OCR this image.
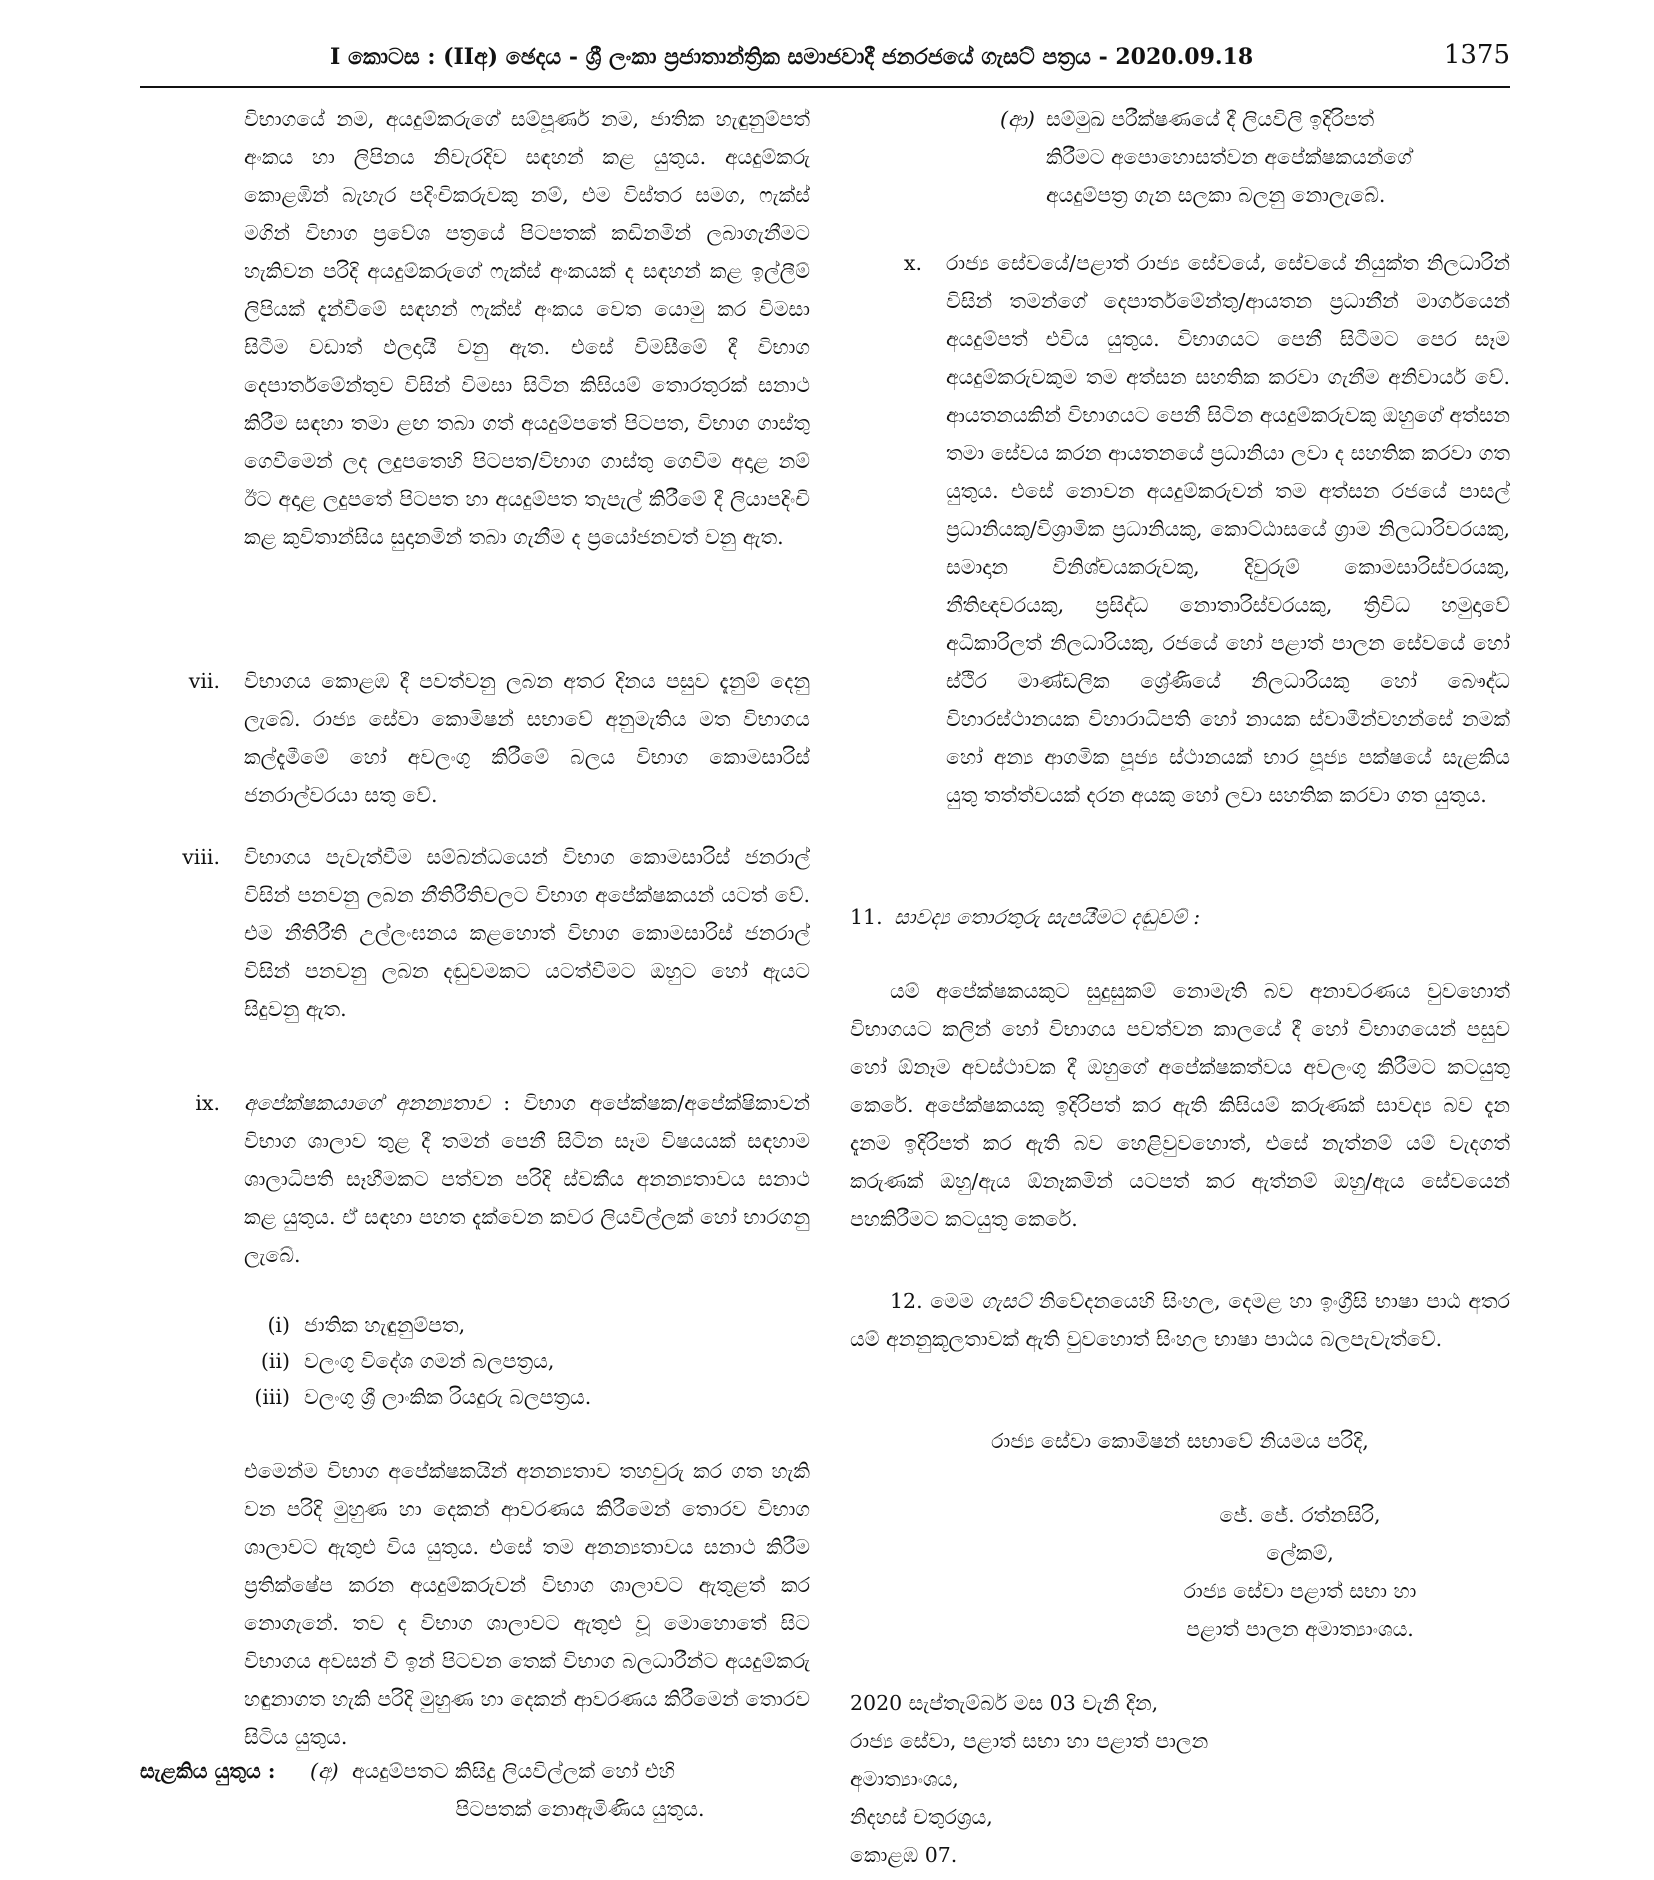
I කොටස : (IIඅ) ඡෙදය - ශ්‍රී ලංකා ප්‍රජාතාන්ත්‍රික සමාජවාදී ජනරජයේ ගැසට් පත්‍රය - 2020.09.18	1375

විභාගයේ නම, අයදුම්කරුගේ සම්පූර්ණ නම, ජාතික හැඳුනුම්පත් අංකය හා ලිපිනය නිවැරදිව සඳහන් කළ යුතුය. අයදුම්කරු කොළඹින් බැහැර පදිංචිකරුවකු නම්, එම විස්තර සමග, ෆැක්ස් මගින් විභාග ප්‍රවේශ පත්‍රයේ පිටපතක් කඩිනමින් ලබාගැනීමට හැකිවන පරිදි අයදුම්කරුගේ ෆැක්ස් අංකයක් ද සඳහන් කළ ඉල්ලීම් ලිපියක් දැන්වීමේ සඳහන් ෆැක්ස් අංකය වෙත යොමු කර විමසා සිටීම වඩාත් ඵලදායී වනු ඇත. එසේ විමසීමේ දී විභාග දෙපාර්තමේන්තුව විසින් විමසා සිටින කිසියම් තොරතුරක් සනාථ කිරීම සඳහා තමා ළඟ තබා ගත් අයදුම්පතේ පිටපත, විභාග ගාස්තු ගෙවීමෙන් ලද ලදුපතෙහි පිටපත/විභාග ගාස්තු ගෙවීම අදාළ නම් ඊට අදාළ ලදුපතේ පිටපත හා අයදුම්පත තැපැල් කිරීමේ දී ලියාපදිංචි කළ කුවිතාන්සිය සුදානමින් තබා ගැනීම ද ප්‍රයෝජනවත් වනු ඇත.

vii. විභාගය කොළඹ දී පවත්වනු ලබන අතර දිනය පසුව දැනුම් දෙනු ලැබේ. රාජ්‍ය සේවා කොමිෂන් සභාවේ අනුමැතිය මත විභාගය කල්දැමීමේ හෝ අවලංගු කිරීමේ බලය විභාග කොමසාරිස් ජනරාල්වරයා සතු වේ.

viii. විභාගය පැවැත්වීම සම්බන්ධයෙන් විභාග කොමසාරිස් ජනරාල් විසින් පනවනු ලබන නීතිරීතිවලට විභාග අපේක්ෂකයන් යටත් වේ. එම නීතිරීති උල්ලංඝනය කළහොත් විභාග කොමසාරිස් ජනරාල් විසින් පනවනු ලබන දඬුවමකට යටත්වීමට ඔහුට හෝ ඇයට සිදුවනු ඇත.

ix. අපේක්ෂකයාගේ අනන්‍යතාව : විභාග අපේක්ෂක/අපේක්ෂිකාවන් විභාග ශාලාව තුළ දී තමන් පෙනී සිටින සෑම විෂයයක් සඳහාම ශාලාධිපති සෑහීමකට පත්වන පරිදි ස්වකීය අනන්‍යතාවය සනාථ කළ යුතුය. ඒ සඳහා පහත දැක්වෙන කවර ලියවිල්ලක් හෝ භාරගනු ලැබේ.

(i) ජාතික හැඳුනුම්පත,
(ii) වලංගු විදේශ ගමන් බලපත්‍රය,
(iii) වලංගු ශ්‍රී ලාංකික රියදුරු බලපත්‍රය.

එමෙන්ම විභාග අපේක්ෂකයින් අනන්‍යතාව තහවුරු කර ගත හැකි වන පරිදි මුහුණ හා දෙකන් ආවරණය කිරීමෙන් තොරව විභාග ශාලාවට ඇතුළු විය යුතුය. එසේ තම අනන්‍යතාවය සනාථ කිරීම ප්‍රතික්ෂේප කරන අයදුම්කරුවන් විභාග ශාලාවට ඇතුළත් කර නොගැනේ. තව ද විභාග ශාලාවට ඇතුළු වූ මොහොතේ සිට විභාගය අවසන් වී ඉන් පිටවන තෙක් විභාග බලධාරීන්ට අයදුම්කරු හඳුනාගත හැකි පරිදි මුහුණ හා දෙකන් ආවරණය කිරීමෙන් තොරව සිටිය යුතුය.

සැළකිය යුතුය : (අ) අයදුම්පතට කිසිදු ලියවිල්ලක් හෝ එහි
පිටපතක් නොඇමිණිය යුතුය.
(ආ) සම්මුඛ පරීක්ෂණයේ දී ලියවිලි ඉදිරිපත්
කිරීමට අපොහොසත්වන අපේක්ෂකයන්ගේ
අයදුම්පත්‍ර ගැන සලකා බලනු නොලැබේ.
x. රාජ්‍ය සේවයේ/පළාත් රාජ්‍ය සේවයේ, සේවයේ නියුක්ත නිලධාරින් විසින් තමන්ගේ දෙපාර්තමේන්තු/ආයතන ප්‍රධානීන් මාර්ගයෙන් අයදුම්පත් එවිය යුතුය. විභාගයට පෙනී සිටීමට පෙර සෑම අයදුම්කරුවකුම තම අත්සන සහතික කරවා ගැනීම අනිවාර්ය වේ. ආයතනයකින් විභාගයට පෙනී සිටින අයදුම්කරුවකු ඔහුගේ අත්සන තමා සේවය කරන ආයතනයේ ප්‍රධානියා ලවා ද සහතික කරවා ගත යුතුය. එසේ නොවන අයදුම්කරුවන් තම අත්සන රජයේ පාසල් ප්‍රධානියකු/විශ්‍රාමික ප්‍රධානියකු, කොට්ඨාසයේ ග්‍රාම නිලධාරිවරයකු, සමාදාන විනිශ්චයකරුවකු, දිවුරුම් කොමසාරිස්වරයකු, නීතිඥවරයකු, ප්‍රසිද්ධ නොතාරිස්වරයකු, ත්‍රිවිධ හමුදාවේ අධිකාරිලත් නිලධාරියකු, රජයේ හෝ පළාත් පාලන සේවයේ හෝ ස්ථිර මාණ්ඩලික ශ්‍රේණියේ නිලධාරියකු හෝ බෞද්ධ විහාරස්ථානයක විහාරාධිපති හෝ නායක ස්වාමීන්වහන්සේ නමක් හෝ අන්‍ය ආගමික පූජ්‍ය ස්ථානයක් භාර පූජ්‍ය පක්ෂයේ සැළකිය යුතු තත්ත්වයක් දරන අයකු හෝ ලවා සහතික කරවා ගත යුතුය.

11. සාවද්‍ය තොරතුරු සැපයීමට දඬුවම් :

යම් අපේක්ෂකයකුට සුදුසුකම් නොමැති බව අනාවරණය වුවහොත් විභාගයට කලින් හෝ විභාගය පවත්වන කාලයේ දී හෝ විභාගයෙන් පසුව හෝ ඕනෑම අවස්ථාවක දී ඔහුගේ අපේක්ෂකත්වය අවලංගු කිරීමට කටයුතු කෙරේ. අපේක්ෂකයකු ඉදිරිපත් කර ඇති කිසියම් කරුණක් සාවද්‍ය බව දැන දැනම ඉදිරිපත් කර ඇති බව හෙළිවුවහොත්, එසේ නැත්නම් යම් වැදගත් කරුණක් ඔහු/ඇය ඕනෑකමින් යටපත් කර ඇත්නම් ඔහු/ඇය සේවයෙන් පහකිරීමට කටයුතු කෙරේ.

12. මෙම ගැසට් නිවේදනයෙහි සිංහල, දෙමළ හා ඉංග්‍රීසි භාෂා පාඨ අතර යම් අනනුකූලතාවක් ඇති වුවහොත් සිංහල භාෂා පාඨය බලපැවැත්වේ.

රාජ්‍ය සේවා කොමිෂන් සභාවේ නියමය පරිදි,
ජේ. ජේ. රත්නසිරි,
ලේකම්,
රාජ්‍ය සේවා පළාත් සභා හා
පළාත් පාලන අමාත්‍යාංශය.
2020 සැප්තැම්බර් මස 03 වැනි දින,
රාජ්‍ය සේවා, පළාත් සභා හා පළාත් පාලන
අමාත්‍යාංශය,
නිදහස් චතුරශ්‍රය,
කොළඹ 07.
